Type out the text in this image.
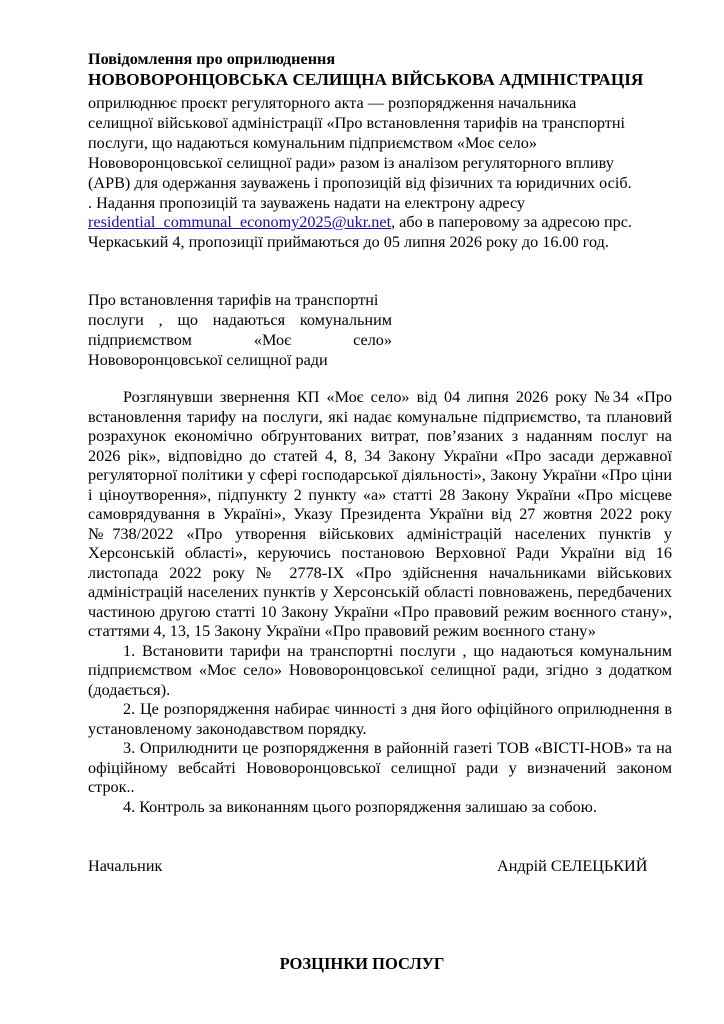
Повідомлення про оприлюднення
НОВОВОРОНЦОВСЬКА СЕЛИЩНА ВІЙСЬКОВА АДМІНІСТРАЦІЯ
оприлюднює проєкт регуляторного акта — розпорядження начальника
селищної військової адміністрації «Про встановлення тарифів на транспортні
послуги, що надаються комунальним підприємством «Моє село»
Нововоронцовської селищної ради» разом із аналізом регуляторного впливу
(АРВ) для одержання зауважень і пропозицій від фізичних та юридичних осіб.
. Надання пропозицій та зауважень надати на електрону адресу
residential_communal_economy2025@ukr.net, або в паперовому за адресою прс.
Черкаський 4, пропозиції приймаються до 05 липня 2026 року до 16.00 год.
Про встановлення тарифів на транспортні
послуги , що надаються комунальним
підприємством	«Моє	село»
Нововоронцовської селищної ради

Розглянувши звернення КП «Моє село» від 04 липня 2026 року №34 «Про встановлення тарифу на послуги, які надає комунальне підприємство, та плановий розрахунок економічно обґрунтованих витрат, пов’язаних з наданням послуг на 2026 рік», відповідно до статей 4, 8, 34 Закону України «Про засади державної регуляторної політики у сфері господарської діяльності», Закону України «Про ціни і ціноутворення», підпункту 2 пункту «а» статті 28 Закону України «Про місцеве самоврядування в Україні», Указу Президента України від 27 жовтня 2022 року №738/2022 «Про утворення військових адміністрацій населених пунктів у Херсонській області», керуючись постановою Верховної Ради України від 16 листопада 2022 року № 2778-IX «Про здійснення начальниками військових адміністрацій населених пунктів у Херсонській області повноважень, передбачених частиною другою статті 10 Закону України «Про правовий режим воєнного стану», статтями 4, 13, 15 Закону України «Про правовий режим воєнного стану»

1. Встановити тарифи на транспортні послуги , що надаються комунальним підприємством «Моє село» Нововоронцовської селищної ради, згідно з додатком (додається).

2. Це розпорядження набирає чинності з дня його офіційного оприлюднення в установленому законодавством порядку.

3. Оприлюднити це розпорядження в районній газеті ТОВ «ВІСТІ-НОВ» та на офіційному вебсайті Нововоронцовської селищної ради у визначений законом строк..

4. Контроль за виконанням цього розпорядження залишаю за собою.

Начальник	Андрій СЕЛЕЦЬКИЙ
РОЗЦІНКИ ПОСЛУГ
